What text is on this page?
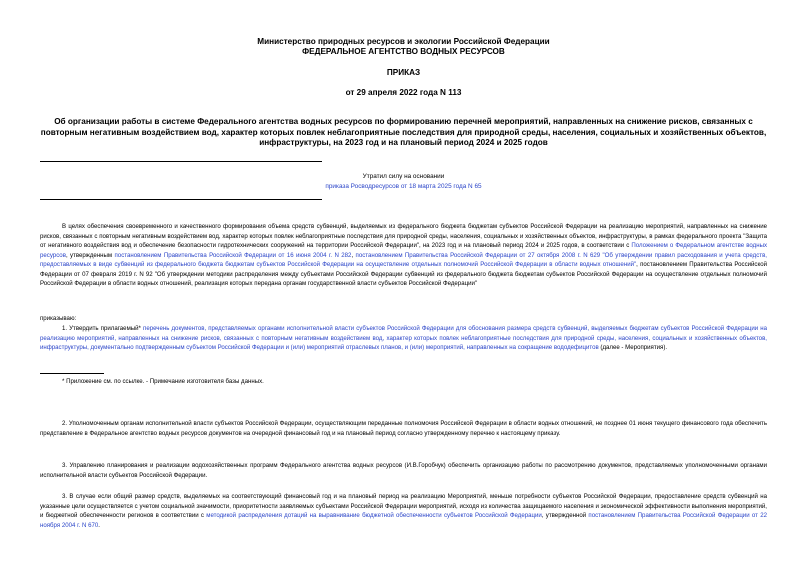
Министерство природных ресурсов и экологии Российской Федерации
ФЕДЕРАЛЬНОЕ АГЕНТСТВО ВОДНЫХ РЕСУРСОВ
ПРИКАЗ
от 29 апреля 2022 года N 113
Об организации работы в системе Федерального агентства водных ресурсов по формированию перечней мероприятий, направленных на снижение рисков, связанных с повторным негативным воздействием вод, характер которых повлек неблагоприятные последствия для природной среды, населения, социальных и хозяйственных объектов, инфраструктуры, на 2023 год и на плановый период 2024 и 2025 годов
Утратил силу на основании
приказа Росводресурсов от 18 марта 2025 года N 65
В целях обеспечения своевременного и качественного формирования объема средств субвенций, выделяемых из федерального бюджета бюджетам субъектов Российской Федерации на реализацию мероприятий, направленных на снижение рисков, связанных с повторным негативным воздействием вод, характер которых повлек неблагоприятные последствия для природной среды, населения, социальных и хозяйственных объектов, инфраструктуры, в рамках федерального проекта "Защита от негативного воздействия вод и обеспечение безопасности гидротехнических сооружений на территории Российской Федерации", на 2023 год и на плановый период 2024 и 2025 годов, в соответствии с Положением о Федеральном агентстве водных ресурсов, утвержденным постановлением Правительства Российской Федерации от 16 июня 2004 г. N 282, постановлением Правительства Российской Федерации от 27 октября 2008 г. N 629 "Об утверждении правил расходования и учета средств, предоставляемых в виде субвенций из федерального бюджета бюджетам субъектов Российской Федерации на осуществление отдельных полномочий Российской Федерации в области водных отношений", постановлением Правительства Российской Федерации от 07 февраля 2019 г. N 92 "Об утверждении методики распределения между субъектами Российской Федерации субвенций из федерального бюджета бюджетам субъектов Российской Федерации на осуществление отдельных полномочий Российской Федерации в области водных отношений, реализация которых передана органам государственной власти субъектов Российской Федерации"
приказываю:
1. Утвердить прилагаемый* перечень документов, представляемых органами исполнительной власти субъектов Российской Федерации для обоснования размера средств субвенций, выделяемых бюджетам субъектов Российской Федерации на реализацию мероприятий, направленных на снижение рисков, связанных с повторным негативным воздействием вод, характер которых повлек неблагоприятные последствия для природной среды, населения, социальных и хозяйственных объектов, инфраструктуры, документально подтвержденным субъектом Российской Федерации и (или) мероприятий отраслевых планов, и (или) мероприятий, направленных на сокращение вододефицитов (далее - Мероприятия).
* Приложение см. по ссылке. - Примечание изготовителя базы данных.
2. Уполномоченным органам исполнительной власти субъектов Российской Федерации, осуществляющим переданные полномочия Российской Федерации в области водных отношений, не позднее 01 июня текущего финансового года обеспечить представление в Федеральное агентство водных ресурсов документов на очередной финансовый год и на плановый период согласно утвержденному перечню к настоящему приказу.
3. Управлению планирования и реализации водохозяйственных программ Федерального агентства водных ресурсов (И.В.Горобчук) обеспечить организацию работы по рассмотрению документов, представляемых уполномоченными органами исполнительной власти субъектов Российской Федерации.
3. В случае если общий размер средств, выделяемых на соответствующий финансовый год и на плановый период на реализацию Мероприятий, меньше потребности субъектов Российской Федерации, предоставление средств субвенций на указанные цели осуществляется с учетом социальной значимости, приоритетности заявляемых субъектами Российской Федерации мероприятий, исходя из количества защищаемого населения и экономической эффективности выполнения мероприятий, и бюджетной обеспеченности регионов в соответствии с методикой распределения дотаций на выравнивание бюджетной обеспеченности субъектов Российской Федерации, утвержденной постановлением Правительства Российской Федерации от 22 ноября 2004 г. N 670.
